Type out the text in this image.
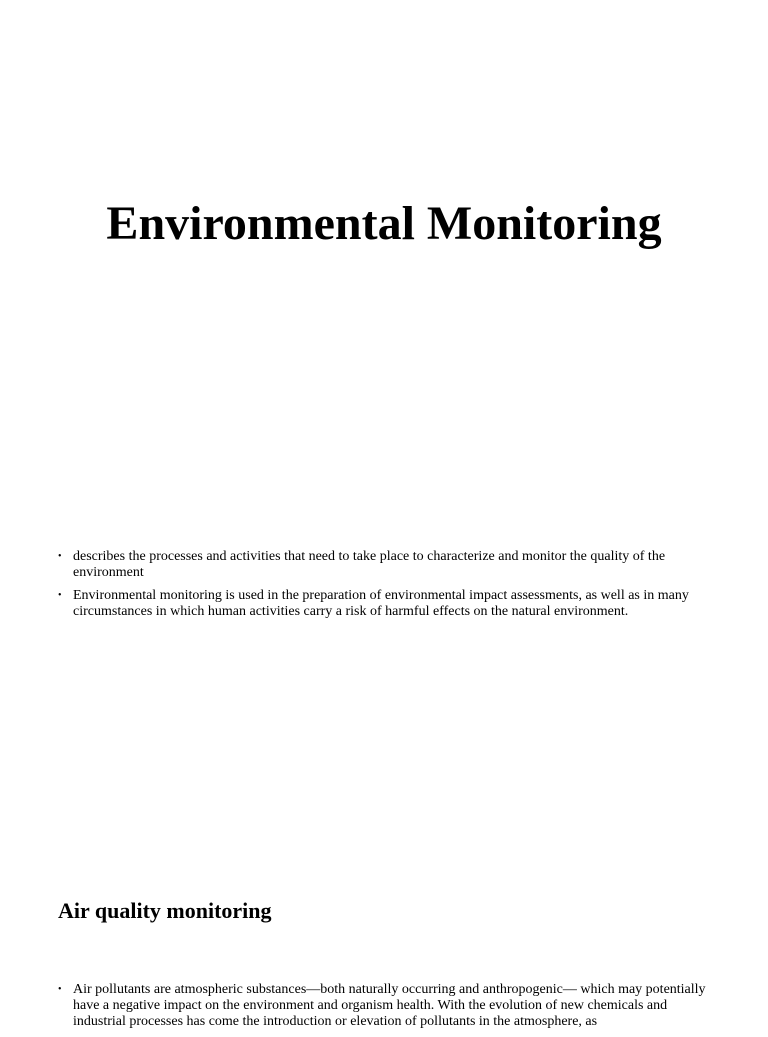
Environmental Monitoring
• describes the processes and activities that need to take place to characterize and monitor the quality of the environment
• Environmental monitoring is used in the preparation of environmental impact assessments, as well as in many circumstances in which human activities carry a risk of harmful effects on the natural environment.
Air quality monitoring
• Air pollutants are atmospheric substances—both naturally occurring and anthropogenic— which may potentially have a negative impact on the environment and organism health. With the evolution of new chemicals and industrial processes has come the introduction or elevation of pollutants in the atmosphere, as
